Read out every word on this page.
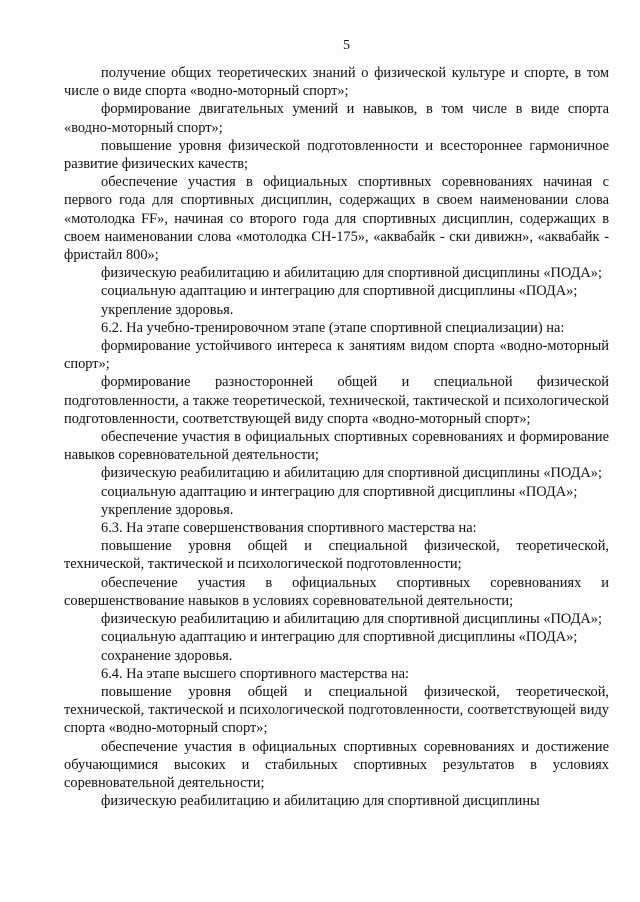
5

получение общих теоретических знаний о физической культуре и спорте, в том числе о виде спорта «водно-моторный спорт»;

формирование двигательных умений и навыков, в том числе в виде спорта «водно-моторный спорт»;

повышение уровня физической подготовленности и всестороннее гармоничное развитие физических качеств;

обеспечение участия в официальных спортивных соревнованиях начиная с первого года для спортивных дисциплин, содержащих в своем наименовании слова «мотолодка FF», начиная со второго года для спортивных дисциплин, содержащих в своем наименовании слова «мотолодка СН-175», «аквабайк - ски дивижн», «аквабайк - фристайл 800»;

физическую реабилитацию и абилитацию для спортивной дисциплины «ПОДА»;

социальную адаптацию и интеграцию для спортивной дисциплины «ПОДА»;

укрепление здоровья.

6.2. На учебно-тренировочном этапе (этапе спортивной специализации) на:

формирование устойчивого интереса к занятиям видом спорта «водно-моторный спорт»;

формирование разносторонней общей и специальной физической подготовленности, а также теоретической, технической, тактической и психологической подготовленности, соответствующей виду спорта «водно-моторный спорт»;

обеспечение участия в официальных спортивных соревнованиях и формирование навыков соревновательной деятельности;

физическую реабилитацию и абилитацию для спортивной дисциплины «ПОДА»;

социальную адаптацию и интеграцию для спортивной дисциплины «ПОДА»;

укрепление здоровья.

6.3. На этапе совершенствования спортивного мастерства на:

повышение уровня общей и специальной физической, теоретической, технической, тактической и психологической подготовленности;

обеспечение участия в официальных спортивных соревнованиях и совершенствование навыков в условиях соревновательной деятельности;

физическую реабилитацию и абилитацию для спортивной дисциплины «ПОДА»;

социальную адаптацию и интеграцию для спортивной дисциплины «ПОДА»;

сохранение здоровья.

6.4. На этапе высшего спортивного мастерства на:

повышение уровня общей и специальной физической, теоретической, технической, тактической и психологической подготовленности, соответствующей виду спорта «водно-моторный спорт»;

обеспечение участия в официальных спортивных соревнованиях и достижение обучающимися высоких и стабильных спортивных результатов в условиях соревновательной деятельности;

физическую реабилитацию и абилитацию для спортивной дисциплины
